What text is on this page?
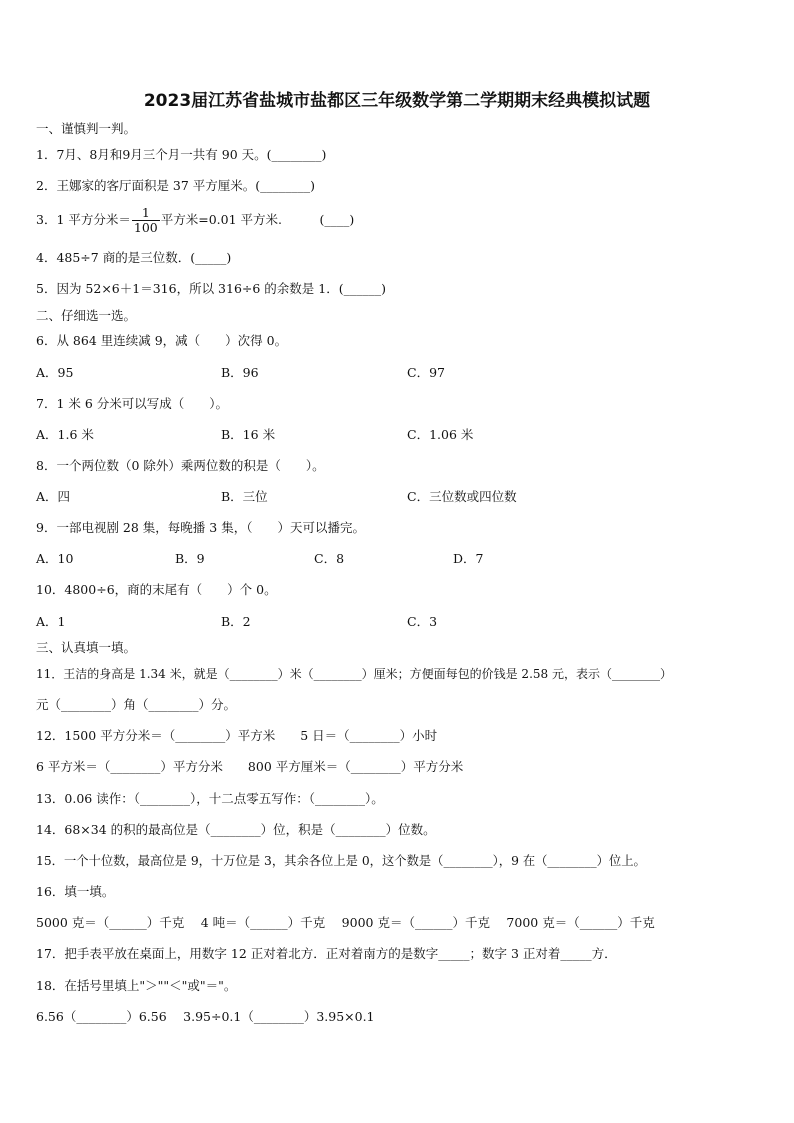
2023届江苏省盐城市盐都区三年级数学第二学期期末经典模拟试题
一、谨慎判一判。
1．7月、8月和9月三个月一共有 90 天。(________)
2．王娜家的客厅面积是 37 平方厘米。(________)
3．1 平方分米＝ $\frac{1}{100}$ 平方米=0.01 平方米.　　　(____)
4．485÷7 商的是三位数．(_____)
5．因为 52×6＋1＝316，所以 316÷6 的余数是 1．(______)
二、仔细选一选。
6．从 864 里连续减 9，减（　　）次得 0。
A．95	B．96	C．97
7．1 米 6 分米可以写成（　　）。
A．1.6 米	B．16 米	C．1.06 米
8．一个两位数（0 除外）乘两位数的积是（　　）。
A．四	B．三位	C．三位数或四位数
9．一部电视剧 28 集，每晚播 3 集，（　　）天可以播完。
A．10	B．9	C．8	D．7
10．4800÷6，商的末尾有（　　）个 0。
A．1	B．2	C．3
三、认真填一填。
11．王洁的身高是 1.34 米，就是（________）米（________）厘米；方便面每包的价钱是 2.58 元，表示（________）
元（________）角（________）分。
12．1500 平方分米＝（________）平方米　　5 日＝（________）小时
6 平方米＝（________）平方分米　　800 平方厘米＝（________）平方分米
13．0.06 读作：（________），十二点零五写作：（________）。
14．68×34 的积的最高位是（________）位，积是（________）位数。
15．一个十位数，最高位是 9，十万位是 3，其余各位上是 0，这个数是（________），9 在（________）位上。
16．填一填。
5000 克＝（______）千克　 4 吨＝（______）千克　 9000 克＝（______）千克　 7000 克＝（______）千克
17．把手表平放在桌面上，用数字 12 正对着北方．正对着南方的是数字_____；数字 3 正对着_____方．
18．在括号里填上"＞""＜"或"＝"。
6.56（________）6.56　 3.95÷0.1（________）3.95×0.1
